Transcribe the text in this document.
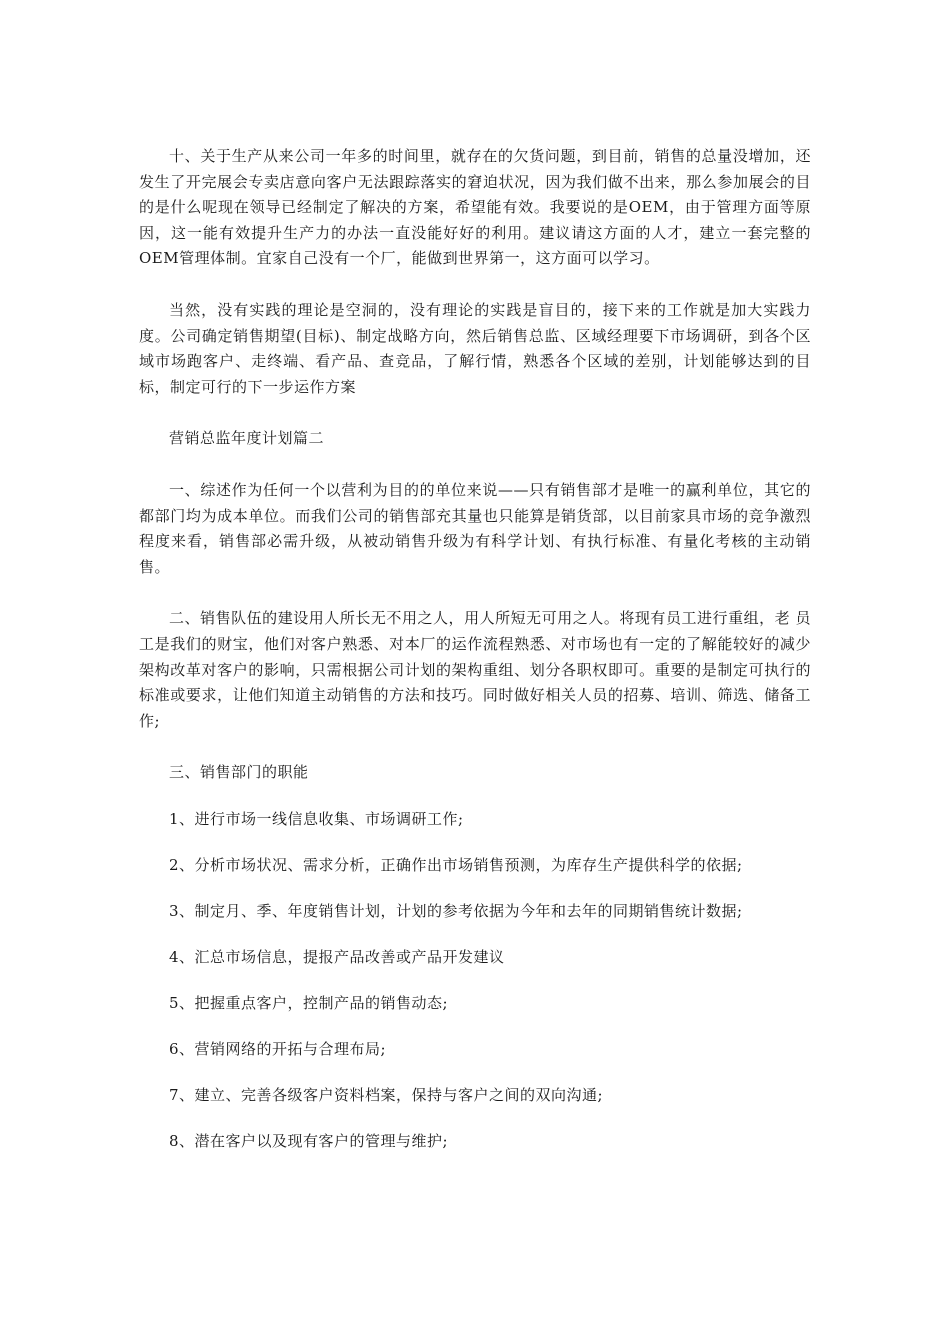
十、关于生产从来公司一年多的时间里，就存在的欠货问题，到目前，销售的总量没增加，还发生了开完展会专卖店意向客户无法跟踪落实的窘迫状况，因为我们做不出来，那么参加展会的目的是什么呢现在领导已经制定了解决的方案，希望能有效。我要说的是OEM，由于管理方面等原因，这一能有效提升生产力的办法一直没能好好的利用。建议请这方面的人才，建立一套完整的OEM管理体制。宜家自己没有一个厂，能做到世界第一，这方面可以学习。

当然，没有实践的理论是空洞的，没有理论的实践是盲目的，接下来的工作就是加大实践力度。公司确定销售期望(目标)、制定战略方向，然后销售总监、区域经理要下市场调研，到各个区域市场跑客户、走终端、看产品、查竞品，了解行情，熟悉各个区域的差别，计划能够达到的目标，制定可行的下一步运作方案

营销总监年度计划篇二

一、综述作为任何一个以营利为目的的单位来说——只有销售部才是唯一的赢利单位，其它的都部门均为成本单位。而我们公司的销售部充其量也只能算是销货部，以目前家具市场的竞争激烈程度来看，销售部必需升级，从被动销售升级为有科学计划、有执行标准、有量化考核的主动销售。

二、销售队伍的建设用人所长无不用之人，用人所短无可用之人。将现有员工进行重组，老 员工是我们的财宝，他们对客户熟悉、对本厂的运作流程熟悉、对市场也有一定的了解能较好的减少架构改革对客户的影响，只需根据公司计划的架构重组、划分各职权即可。重要的是制定可执行的标准或要求，让他们知道主动销售的方法和技巧。同时做好相关人员的招募、培训、筛选、储备工作;

三、销售部门的职能

1、进行市场一线信息收集、市场调研工作;

2、分析市场状况、需求分析，正确作出市场销售预测，为库存生产提供科学的依据;

3、制定月、季、年度销售计划，计划的参考依据为今年和去年的同期销售统计数据;

4、汇总市场信息，提报产品改善或产品开发建议

5、把握重点客户，控制产品的销售动态;

6、营销网络的开拓与合理布局;

7、建立、完善各级客户资料档案，保持与客户之间的双向沟通;

8、潜在客户以及现有客户的管理与维护;
